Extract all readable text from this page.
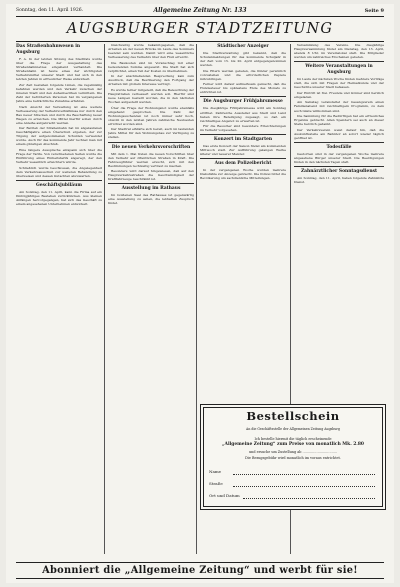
Sonntag, den 11. April 1926.	Allgemeine Zeitung Nr. 133	Seite 9
AUGSBURGER STADTZEITUNG
Das Straßenbahnwesen in Augsburg

F. A. In der letzten Sitzung des Stadtrats wurde über die Frage der Ausgestaltung des Straßenbahnnetzes eingehend verhandelt. Die Straßenbahn ist heute eines der wichtigsten Verkehrsmittel unserer Stadt und hat sich in den letzten Jahren in erfreulicher Weise entwickelt.

Zur Zeit bestehen folgende Linien, die regelmäßig befahren werden und den Verkehr zwischen der inneren Stadt und den Außenbezirken vermitteln. Die Zahl der beförderten Personen hat im vergangenen Jahre eine beträchtliche Zunahme erfahren.

Nach Ansicht der Verwaltung ist eine weitere Verbesserung der Verkehrsverhältnisse nur durch den Bau neuer Strecken und durch die Beschaffung neuer Wagen zu erreichen. Die Mittel hierfür sollen durch eine Anleihe aufgebracht werden.

Der Betrieb der Straßenbahn hat im abgelaufenen Geschäftsjahre einen Überschuß ergeben, der zur Tilgung der aufgenommenen Schulden verwendet wurde. Auch für das kommende Jahr rechnet man mit einem günstigen Abschluß.

Eine längere Aussprache entspann sich über die Frage der Tarife. Von verschiedenen Seiten wurde die Einführung eines Einheitstarifs angeregt, der den Verkehr wesentlich erleichtern würde.

Schließlich wurde beschlossen, die Angelegenheit dem Verkehrsausschuß zur weiteren Behandlung zu überweisen und dessen Gutachten abzuwarten.

Geschäftsjubiläum

Am Sonntag, den 11. April, kann die Firma auf ein fünfzigjähriges Bestehen zurückblicken. Aus kleinen Anfängen hervorgegangen, hat sich das Geschäft zu einem angesehenen Unternehmen entwickelt.

Gleichzeitig wurde bekanntgegeben, daß die Arbeiten an der neuen Brücke im Laufe des Sommers beendet sein werden. Damit wird eine wesentliche Verbesserung des Verkehrs über den Fluß erreicht.

Die Baukosten sind im Voranschlag mit einer bedeutenden Summe angesetzt. Die Stadt hat sich verpflichtet, einen Teil der Kosten zu übernehmen.

In der anschließenden Besprechung kam zum Ausdruck, daß die Bevölkerung den Fortgang der Arbeiten mit großem Interesse verfolgt.

Es wurde ferner mitgeteilt, daß die Beleuchtung der Hauptstraßen verbessert werden soll. Hierfür sind neue Lampen bestellt worden, die in den nächsten Wochen aufgestellt werden.

Über die Frage der Wohnungsnot wurde ebenfalls eingehend gesprochen. Die Zahl der Wohnungssuchenden ist noch immer sehr hoch, obwohl in den letzten Jahren zahlreiche Neubauten errichtet worden sind.

Der Stadtrat erklärte sich bereit, auch im laufenden Jahre Mittel für den Wohnungsbau zur Verfügung zu stellen.

Die neuen Verkehrsvorschriften

Mit dem 1. Mai treten die neuen Vorschriften über den Verkehr auf öffentlichen Straßen in Kraft. Die Fahrzeugführer werden ersucht, sich mit den Bestimmungen rechtzeitig vertraut zu machen.

Besonders wird darauf hingewiesen, daß auf den Hauptverkehrsstraßen die Geschwindigkeit der Kraftfahrzeuge beschränkt ist.

Ausstellung im Rathaus

Im Goldenen Saal des Rathauses ist gegenwärtig eine Ausstellung zu sehen, die lebhaften Zuspruch findet.

Städtischer Anzeiger

Die Stadtverwaltung gibt bekannt, daß die Schulanmeldungen für das kommende Schuljahr in der Zeit vom 15. bis 20. April entgegengenommen werden.

Die Eltern werden gebeten, die Kinder persönlich vorzustellen und die erforderlichen Papiere mitzubringen.

Ferner wird darauf aufmerksam gemacht, daß die Hundesteuer bis spätestens Ende des Monats zu entrichten ist.

Die Augsburger Frühjahrsmesse

Die diesjährige Frühjahrsmesse wird am Sonntag eröffnet. Zahlreiche Aussteller aus Stadt und Land haben ihre Beteiligung zugesagt, so daß ein reichhaltiges Angebot zu erwarten ist.

Für die Besucher sind besondere Erleichterungen im Verkehr vorgesehen.

Konzert im Stadtgarten

Das erste Konzert der Saison findet am kommenden Mittwoch statt. Zur Aufführung gelangen Werke älterer und neuerer Meister.

Aus dem Polizeibericht

In der vergangenen Woche wurden mehrere Diebstähle zur Anzeige gebracht. Die Polizei bittet die Bevölkerung um sachdienliche Mitteilungen.

Versammlung des Vereins. Die diesjährige Hauptversammlung findet am Dienstag, den 13. April, abends 8 Uhr, im Vereinslokal statt. Die Mitglieder werden um zahlreiches Erscheinen gebeten.

Weitere Veranstaltungen in Augsburg

Im Laufe der nächsten Woche finden mehrere Vorträge statt, die sich mit Fragen der Heimatkunde und der Geschichte unserer Stadt befassen.

Der Eintritt ist frei. Freunde und Gönner sind herzlich eingeladen.

Am Samstag veranstaltet der Gesangverein einen Familienabend mit reichhaltigem Programm, zu dem auch Gäste willkommen sind.

Die Sammlung für die Bedürftigen hat ein erfreuliches Ergebnis gebracht. Allen Spendern sei auch an dieser Stelle herzlich gedankt.

Der Verkehrsverein weist darauf hin, daß die Auskunftsstelle am Bahnhof ab sofort wieder täglich geöffnet ist.

Todesfälle

Gestorben sind in der vergangenen Woche mehrere angesehene Bürger unserer Stadt. Die Beerdigungen finden in den nächsten Tagen statt.

Zahnärztlicher Sonntagsdienst

Am Sonntag, den 11. April, haben folgende Zahnärzte Dienst.

Bestellschein
An die Geschäftsstelle der Allgemeinen Zeitung Augsburg
Ich bestelle hiermit die täglich erscheinende
„Allgemeine Zeitung“ zum Preise von monatlich Mk. 2.80
und ersuche um Zustellung ab ................................
Die Bezugsgebühr wird monatlich im voraus entrichtet.
Name
Straße
Ort und Datum
Abonniert die „Allgemeine Zeitung“ und werbt für sie!
